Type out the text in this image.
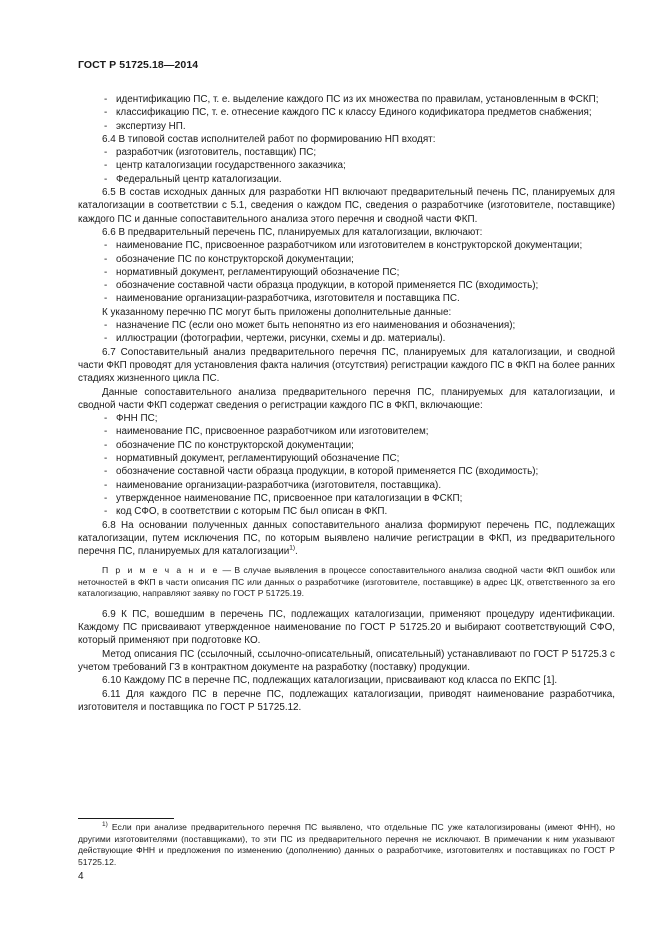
ГОСТ Р 51725.18—2014

- идентификацию ПС, т. е. выделение каждого ПС из их множества по правилам, установленным в ФСКП;

- классификацию ПС, т. е. отнесение каждого ПС к классу Единого кодификатора предметов снабжения;

- экспертизу НП.

6.4 В типовой состав исполнителей работ по формированию НП входят:

- разработчик (изготовитель, поставщик) ПС;

- центр каталогизации государственного заказчика;

- Федеральный центр каталогизации.

6.5 В состав исходных данных для разработки НП включают предварительный печень ПС, планируемых для каталогизации в соответствии с 5.1, сведения о каждом ПС, сведения о разработчике (изготовителе, поставщике) каждого ПС и данные сопоставительного анализа этого перечня и сводной части ФКП.

6.6 В предварительный перечень ПС, планируемых для каталогизации, включают:

- наименование ПС, присвоенное разработчиком или изготовителем в конструкторской документации;

- обозначение ПС по конструкторской документации;

- нормативный документ, регламентирующий обозначение ПС;

- обозначение составной части образца продукции, в которой применяется ПС (входимость);

- наименование организации-разработчика, изготовителя и поставщика ПС.

К указанному перечню ПС могут быть приложены дополнительные данные:

- назначение ПС (если оно может быть непонятно из его наименования и обозначения);

- иллюстрации (фотографии, чертежи, рисунки, схемы и др. материалы).

6.7 Сопоставительный анализ предварительного перечня ПС, планируемых для каталогизации, и сводной части ФКП проводят для установления факта наличия (отсутствия) регистрации каждого ПС в ФКП на более ранних стадиях жизненного цикла ПС.

Данные сопоставительного анализа предварительного перечня ПС, планируемых для каталогизации, и сводной части ФКП содержат сведения о регистрации каждого ПС в ФКП, включающие:

- ФНН ПС;

- наименование ПС, присвоенное разработчиком или изготовителем;

- обозначение ПС по конструкторской документации;

- нормативный документ, регламентирующий обозначение ПС;

- обозначение составной части образца продукции, в которой применяется ПС (входимость);

- наименование организации-разработчика (изготовителя, поставщика).

- утвержденное наименование ПС, присвоенное при каталогизации в ФСКП;

- код СФО, в соответствии с которым ПС был описан в ФКП.

6.8 На основании полученных данных сопоставительного анализа формируют перечень ПС, подлежащих каталогизации, путем исключения ПС, по которым выявлено наличие регистрации в ФКП, из предварительного перечня ПС, планируемых для каталогизации$^{1)}$.

П р и м е ч а н и е — В случае выявления в процессе сопоставительного анализа сводной части ФКП ошибок или неточностей в ФКП в части описания ПС или данных о разработчике (изготовителе, поставщике) в адрес ЦК, ответственного за его каталогизацию, направляют заявку по ГОСТ Р 51725.19.

6.9 К ПС, вошедшим в перечень ПС, подлежащих каталогизации, применяют процедуру идентификации. Каждому ПС присваивают утвержденное наименование по ГОСТ Р 51725.20 и выбирают соответствующий СФО, который применяют при подготовке КО.

Метод описания ПС (ссылочный, ссылочно-описательный, описательный) устанавливают по ГОСТ Р 51725.3 с учетом требований ГЗ в контрактном документе на разработку (поставку) продукции.

6.10 Каждому ПС в перечне ПС, подлежащих каталогизации, присваивают код класса по ЕКПС [1].

6.11 Для каждого ПС в перечне ПС, подлежащих каталогизации, приводят наименование разработчика, изготовителя и поставщика по ГОСТ Р 51725.12.

$^{1)}$ Если при анализе предварительного перечня ПС выявлено, что отдельные ПС уже каталогизированы (имеют ФНН), но другими изготовителями (поставщиками), то эти ПС из предварительного перечня не исключают. В примечании к ним указывают действующие ФНН и предложения по изменению (дополнению) данных о разработчике, изготовителях и поставщиках по ГОСТ Р 51725.12.

4
